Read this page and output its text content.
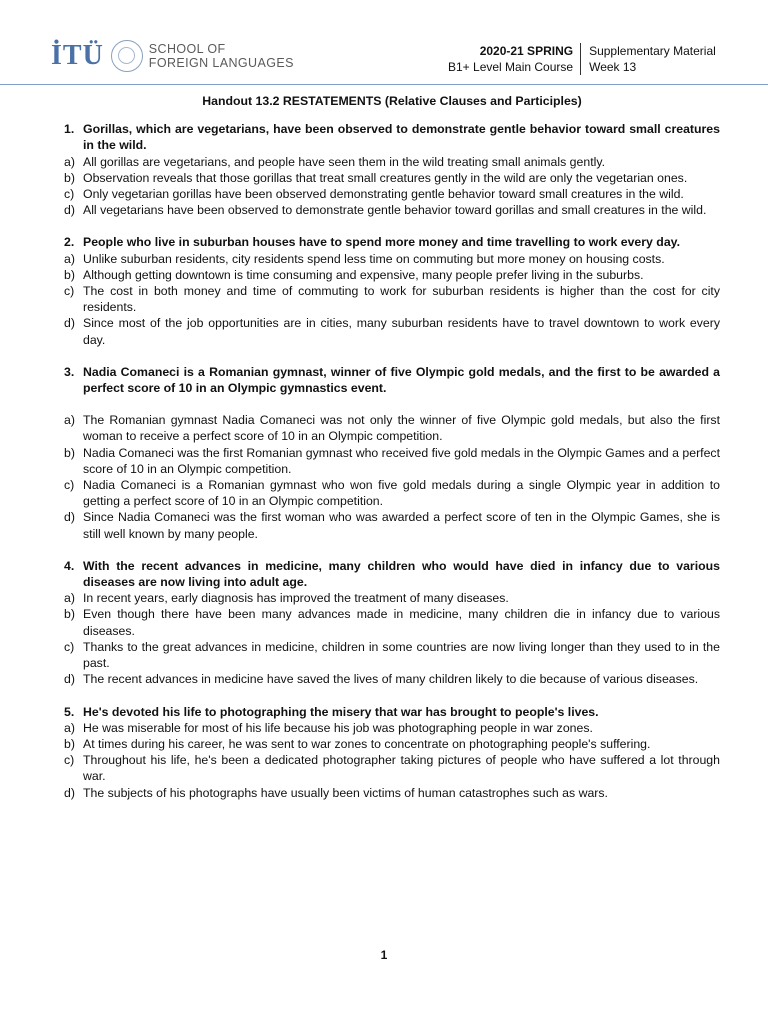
İTÜ	SCHOOL OF
FOREIGN LANGUAGES
2020-21 SPRING
B1+ Level Main Course
Supplementary Material
Week 13
Handout 13.2 RESTATEMENTS (Relative Clauses and Participles)
1. Gorillas, which are vegetarians, have been observed to demonstrate gentle behavior toward small creatures in the wild.
a) All gorillas are vegetarians, and people have seen them in the wild treating small animals gently.
b) Observation reveals that those gorillas that treat small creatures gently in the wild are only the vegetarian ones.
c) Only vegetarian gorillas have been observed demonstrating gentle behavior toward small creatures in the wild.
d) All vegetarians have been observed to demonstrate gentle behavior toward gorillas and small creatures in the wild.
2. People who live in suburban houses have to spend more money and time travelling to work every day.
a) Unlike suburban residents, city residents spend less time on commuting but more money on housing costs.
b) Although getting downtown is time consuming and expensive, many people prefer living in the suburbs.
c) The cost in both money and time of commuting to work for suburban residents is higher than the cost for city residents.
d) Since most of the job opportunities are in cities, many suburban residents have to travel downtown to work every day.
3. Nadia Comaneci is a Romanian gymnast, winner of five Olympic gold medals, and the first to be awarded a perfect score of 10 in an Olympic gymnastics event.
a) The Romanian gymnast Nadia Comaneci was not only the winner of five Olympic gold medals, but also the first woman to receive a perfect score of 10 in an Olympic competition.
b) Nadia Comaneci was the first Romanian gymnast who received five gold medals in the Olympic Games and a perfect score of 10 in an Olympic competition.
c) Nadia Comaneci is a Romanian gymnast who won five gold medals during a single Olympic year in addition to getting a perfect score of 10 in an Olympic competition.
d) Since Nadia Comaneci was the first woman who was awarded a perfect score of ten in the Olympic Games, she is still well known by many people.
4. With the recent advances in medicine, many children who would have died in infancy due to various diseases are now living into adult age.
a) In recent years, early diagnosis has improved the treatment of many diseases.
b) Even though there have been many advances made in medicine, many children die in infancy due to various diseases.
c) Thanks to the great advances in medicine, children in some countries are now living longer than they used to in the past.
d) The recent advances in medicine have saved the lives of many children likely to die because of various diseases.
5. He's devoted his life to photographing the misery that war has brought to people's lives.
a) He was miserable for most of his life because his job was photographing people in war zones.
b) At times during his career, he was sent to war zones to concentrate on photographing people's suffering.
c) Throughout his life, he's been a dedicated photographer taking pictures of people who have suffered a lot through war.
d) The subjects of his photographs have usually been victims of human catastrophes such as wars.
1
